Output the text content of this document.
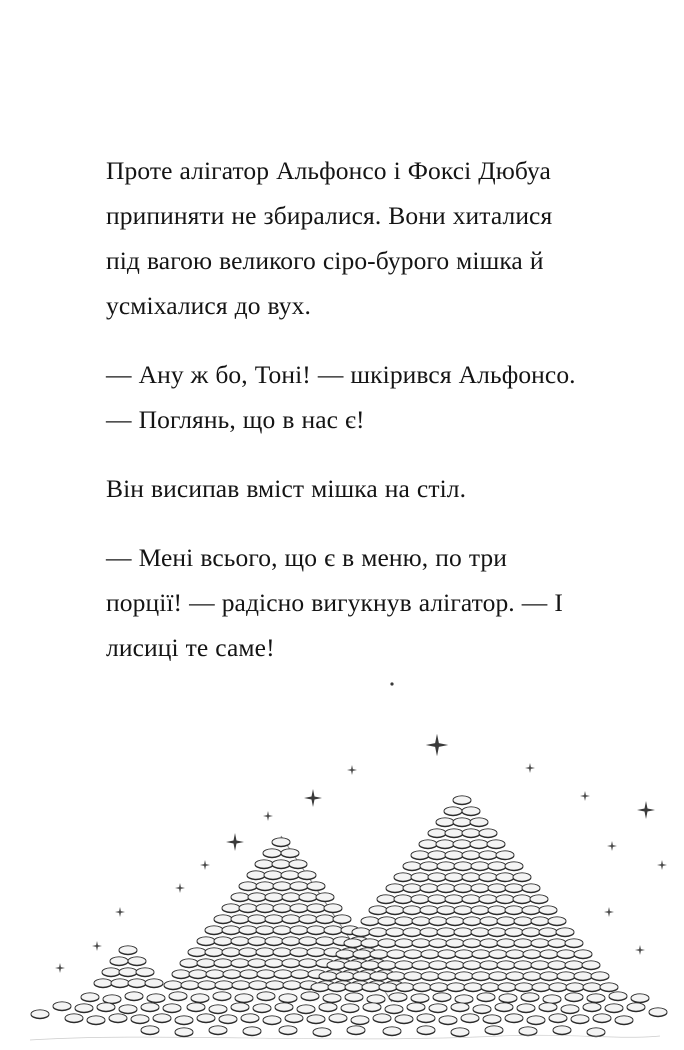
Проте алігатор Альфонсо і Фоксі Дюбуа припиняти не збиралися. Вони хиталися під вагою великого сіро-бурого мішка й усміхалися до вух.

— Ану ж бо, Тоні! — шкірився Альфонсо. — Поглянь, що в нас є!

Він висипав вміст мішка на стіл.

— Мені всього, що є в меню, по три порції! — радісно вигукнув алігатор. — І лисиці те саме!
